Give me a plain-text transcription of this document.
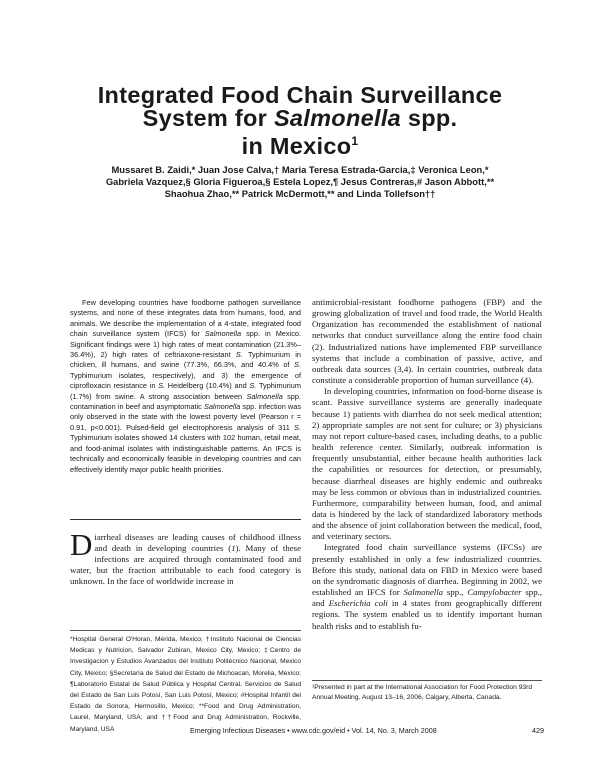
Integrated Food Chain Surveillance
System for Salmonella spp.
in Mexico$^1$
Mussaret B. Zaidi,* Juan Jose Calva,† Maria Teresa Estrada-Garcia,‡ Veronica Leon,* Gabriela Vazquez,§ Gloria Figueroa,§ Estela Lopez,¶ Jesus Contreras,# Jason Abbott,** Shaohua Zhao,** Patrick McDermott,** and Linda Tollefson††

Few developing countries have foodborne pathogen surveillance systems, and none of these integrates data from humans, food, and animals. We describe the implementation of a 4-state, integrated food chain surveillance system (IFCS) for Salmonella spp. in Mexico. Significant findings were 1) high rates of meat contamination (21.3%–36.4%), 2) high rates of ceftriaxone-resistant S. Typhimurium in chicken, ill humans, and swine (77.3%, 66.3%, and 40.4% of S. Typhimurium isolates, respectively), and 3) the emergence of ciprofloxacin resistance in S. Heidelberg (10.4%) and S. Typhimurium (1.7%) from swine. A strong association between Salmonella spp. contamination in beef and asymptomatic Salmonella spp. infection was only observed in the state with the lowest poverty level (Pearson r = 0.91, p<0.001). Pulsed-field gel electrophoresis analysis of 311 S. Typhimurium isolates showed 14 clusters with 102 human, retail meat, and food-animal isolates with indistinguishable patterns. An IFCS is technically and economically feasible in developing countries and can effectively identify major public health priorities.

Diarrheal diseases are leading causes of childhood illness and death in developing countries (1). Many of these infections are acquired through contaminated food and water, but the fraction attributable to each food category is unknown. In the face of worldwide increase in

*Hospital General O'Horan, Mérida, Mexico; †Instituto Nacional de Ciencias Medicas y Nutricion, Salvador Zubiran, Mexico City, Mexico; ‡Centro de Investigacion y Estudios Avanzados del Instituto Politécnico Nacional, Mexico City, Mexico; §Secretaría de Salud del Estado de Michoacan, Morelia, Mexico; ¶Laboratorio Estatal de Salud Pública y Hospital Central, Servicios de Salud del Estado de San Luis Potosí, San Luis Potosí, Mexico; #Hospital Infantil del Estado de Sonora, Hermosillo, Mexico; **Food and Drug Administration, Laurel, Maryland, USA; and ††Food and Drug Administration, Rockville, Maryland, USA

antimicrobial-resistant foodborne pathogens (FBP) and the growing globalization of travel and food trade, the World Health Organization has recommended the establishment of national networks that conduct surveillance along the entire food chain (2). Industrialized nations have implemented FBP surveillance systems that include a combination of passive, active, and outbreak data sources (3,4). In certain countries, outbreak data constitute a considerable proportion of human surveillance (4).

In developing countries, information on food-borne disease is scant. Passive surveillance systems are generally inadequate because 1) patients with diarrhea do not seek medical attention; 2) appropriate samples are not sent for culture; or 3) physicians may not report culture-based cases, including deaths, to a public health reference center. Similarly, outbreak information is frequently unsubstantial, either because health authorities lack the capabilities or resources for detection, or presumably, because diarrheal diseases are highly endemic and outbreaks may be less common or obvious than in industrialized countries. Furthermore, comparability between human, food, and animal data is hindered by the lack of standardized laboratory methods and the absence of joint collaboration between the medical, food, and veterinary sectors.

Integrated food chain surveillance systems (IFCSs) are presently established in only a few industrialized countries. Before this study, national data on FBD in Mexico were based on the syndromatic diagnosis of diarrhea. Beginning in 2002, we established an IFCS for Salmonella spp., Campylobacter spp., and Escherichia coli in 4 states from geographically different regions. The system enabled us to identify important human health risks and to establish fu-

¹Presented in part at the International Association for Food Protection 93rd Annual Meeting, August 13–16, 2006, Calgary, Alberta, Canada.

Emerging Infectious Diseases • www.cdc.gov/eid • Vol. 14, No. 3, March 2008	429
